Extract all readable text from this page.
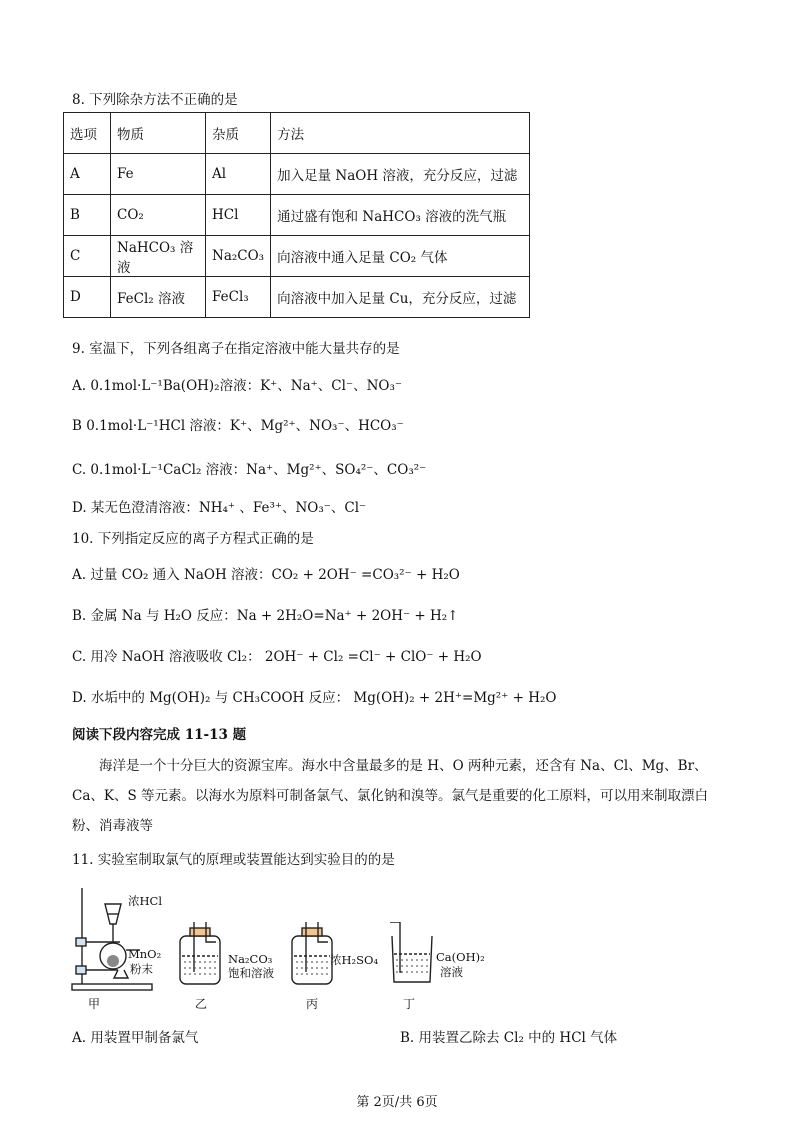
8. 下列除杂方法不正确的是
选项	物质	杂质	方法
A	Fe	Al	加入足量 NaOH 溶液，充分反应，过滤
B	CO₂	HCl	通过盛有饱和 NaHCO₃ 溶液的洗气瓶
C	NaHCO₃ 溶液	Na₂CO₃	向溶液中通入足量 CO₂ 气体
D	FeCl₂ 溶液	FeCl₃	向溶液中加入足量 Cu，充分反应，过滤
9. 室温下，下列各组离子在指定溶液中能大量共存的是
A. 0.1mol·L⁻¹Ba(OH)₂溶液：K⁺、Na⁺、Cl⁻、NO₃⁻
B 0.1mol·L⁻¹HCl 溶液：K⁺、Mg²⁺、NO₃⁻、HCO₃⁻
C. 0.1mol·L⁻¹CaCl₂ 溶液：Na⁺、Mg²⁺、SO₄²⁻、CO₃²⁻
D. 某无色澄清溶液：NH₄⁺ 、Fe³⁺、NO₃⁻、Cl⁻
10. 下列指定反应的离子方程式正确的是
A. 过量 CO₂ 通入 NaOH 溶液：CO₂ + 2OH⁻ =CO₃²⁻ + H₂O
B. 金属 Na 与 H₂O 反应：Na + 2H₂O=Na⁺ + 2OH⁻ + H₂↑
C. 用冷 NaOH 溶液吸收 Cl₂： 2OH⁻ + Cl₂ =Cl⁻ + ClO⁻ + H₂O
D. 水垢中的 Mg(OH)₂ 与 CH₃COOH 反应： Mg(OH)₂ + 2H⁺=Mg²⁺ + H₂O
阅读下段内容完成 11-13 题
海洋是一个十分巨大的资源宝库。海水中含量最多的是 H、O 两种元素，还含有 Na、Cl、Mg、Br、Ca、K、S 等元素。以海水为原料可制备氯气、氯化钠和溴等。氯气是重要的化工原料，可以用来制取漂白粉、消毒液等
11. 实验室制取氯气的原理或装置能达到实验目的的是
浓HCl
MnO₂
粉末
Na₂CO₃
饱和溶液
浓H₂SO₄	Ca(OH)₂
溶液
甲	乙	丙	丁
A. 用装置甲制备氯气	B. 用装置乙除去 Cl₂ 中的 HCl 气体
第 2页/共 6页
